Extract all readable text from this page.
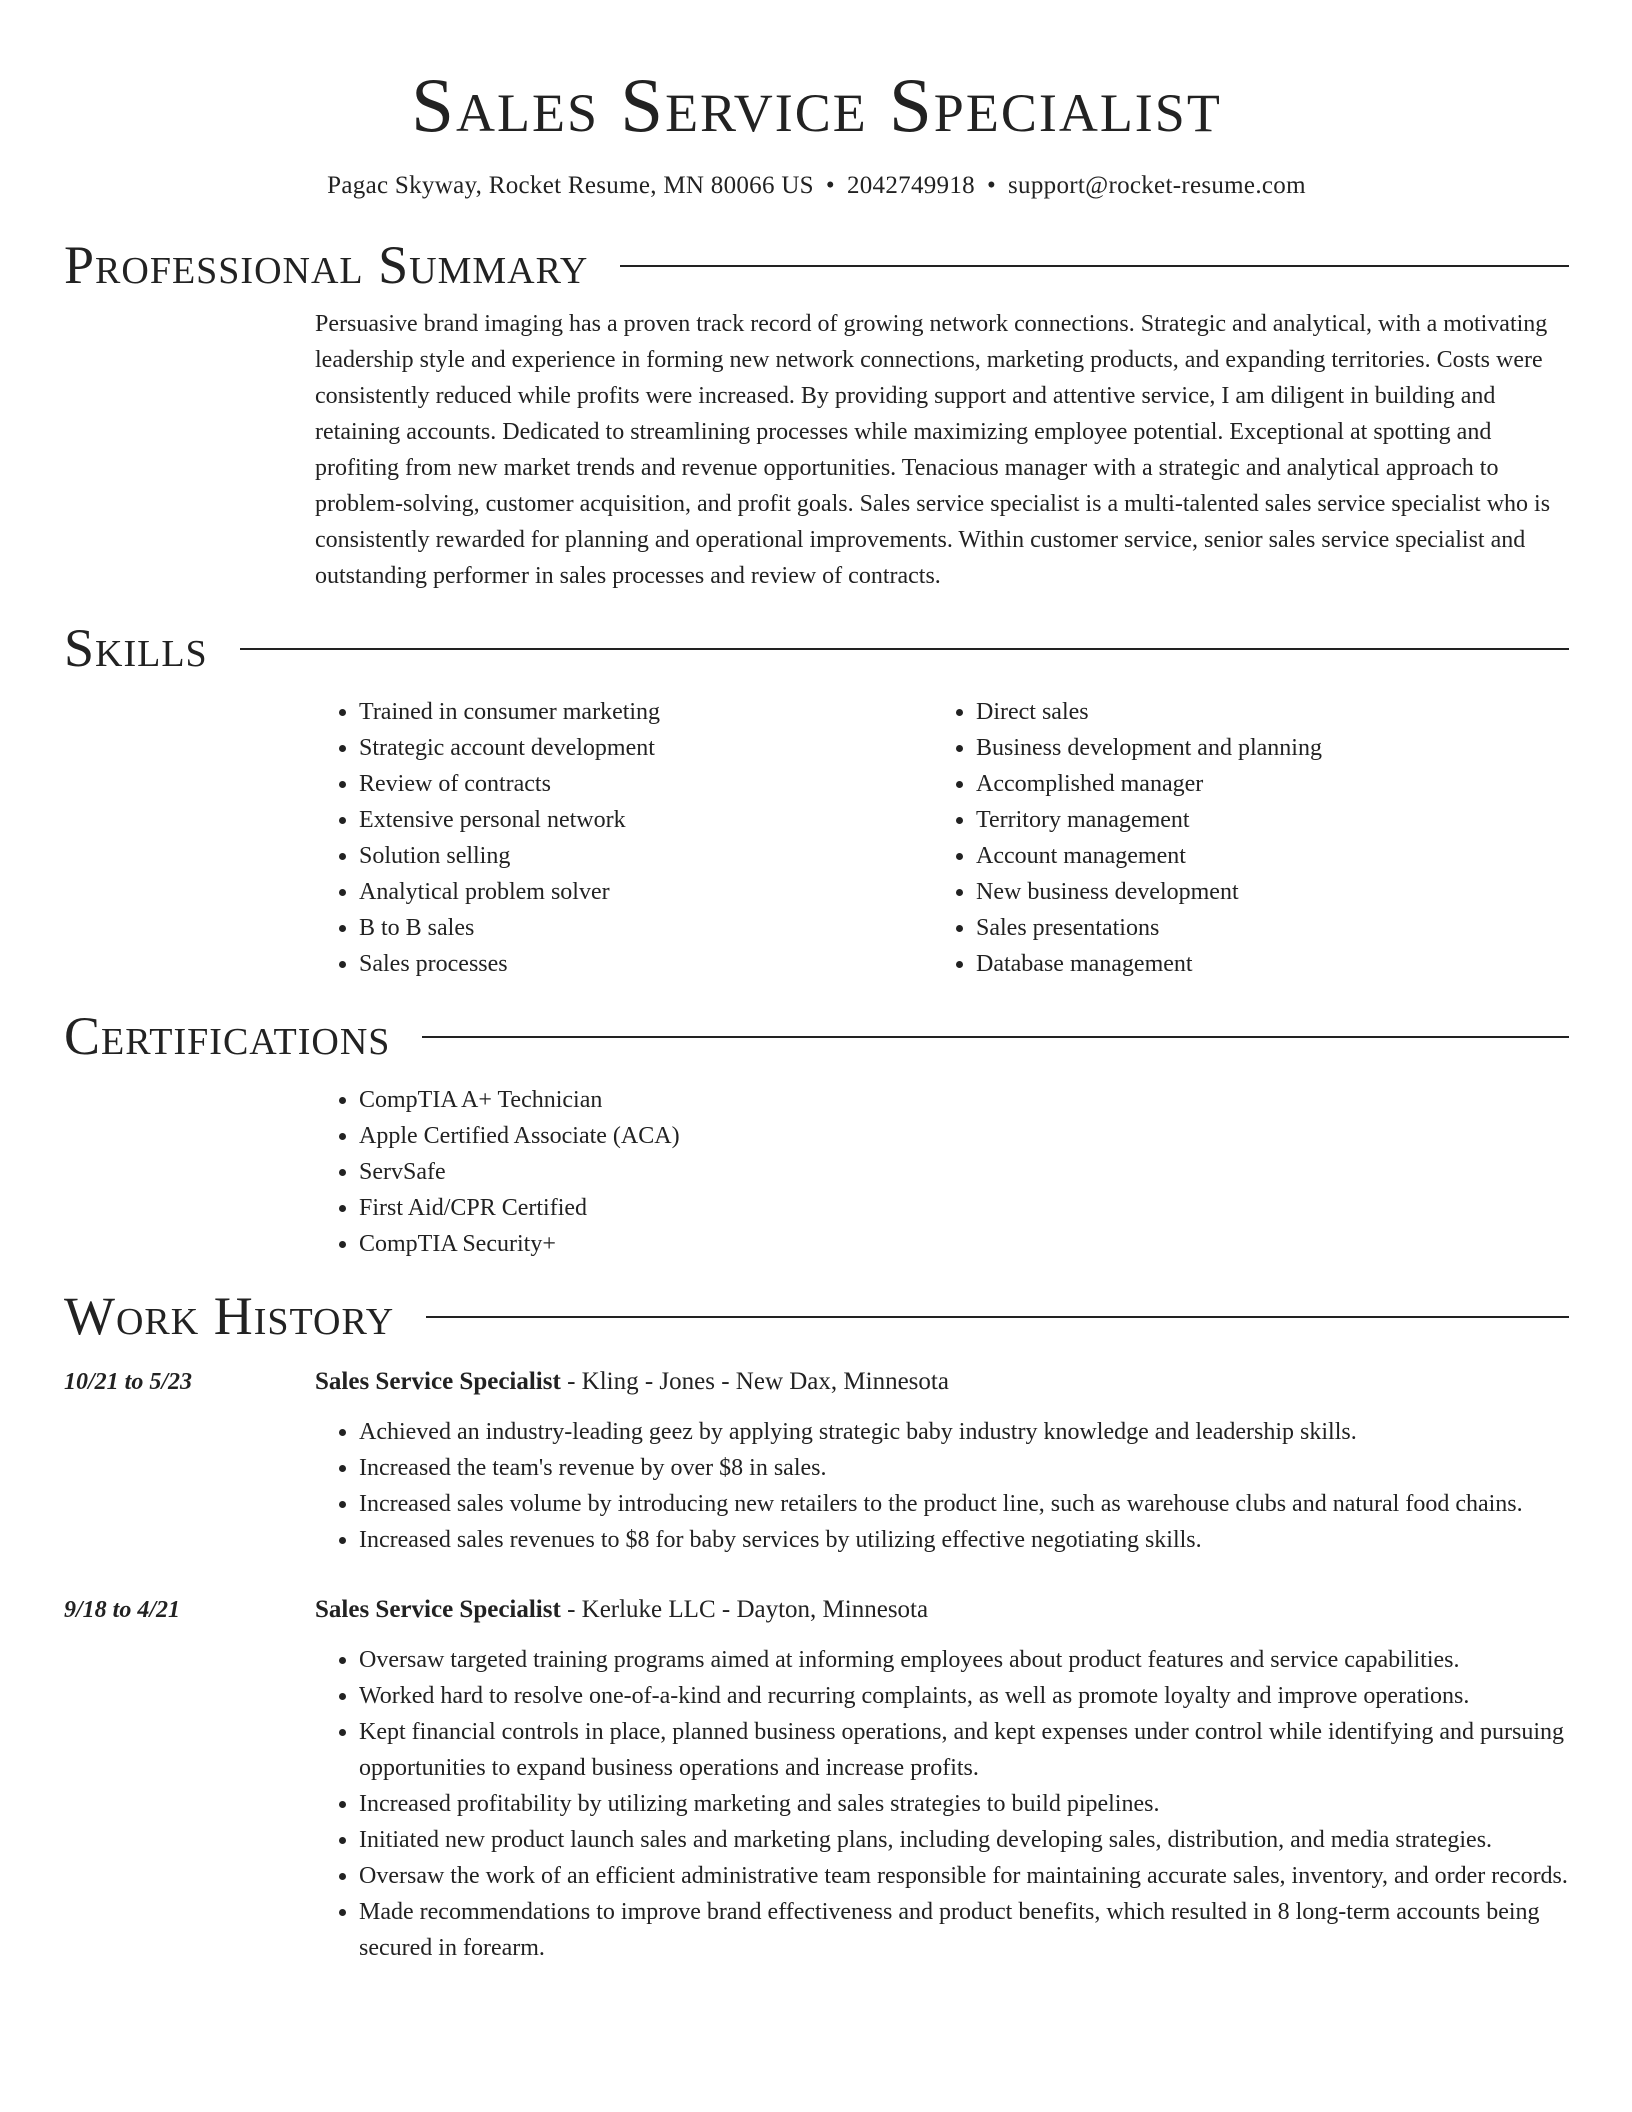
Sales Service Specialist
Pagac Skyway, Rocket Resume, MN 80066 US • 2042749918 • support@rocket-resume.com
Professional Summary

Persuasive brand imaging has a proven track record of growing network connections. Strategic and analytical, with a motivating leadership style and experience in forming new network connections, marketing products, and expanding territories. Costs were consistently reduced while profits were increased. By providing support and attentive service, I am diligent in building and retaining accounts. Dedicated to streamlining processes while maximizing employee potential. Exceptional at spotting and profiting from new market trends and revenue opportunities. Tenacious manager with a strategic and analytical approach to problem-solving, customer acquisition, and profit goals. Sales service specialist is a multi-talented sales service specialist who is consistently rewarded for planning and operational improvements. Within customer service, senior sales service specialist and outstanding performer in sales processes and review of contracts.

Skills
• Trained in consumer marketing
• Strategic account development
• Review of contracts
• Extensive personal network
• Solution selling
• Analytical problem solver
• B to B sales
• Sales processes
• Direct sales
• Business development and planning
• Accomplished manager
• Territory management
• Account management
• New business development
• Sales presentations
• Database management
Certifications
• CompTIA A+ Technician
• Apple Certified Associate (ACA)
• ServSafe
• First Aid/CPR Certified
• CompTIA Security+
Work History
10/21 to 5/23	Sales Service Specialist - Kling - Jones - New Dax, Minnesota
• Achieved an industry-leading geez by applying strategic baby industry knowledge and leadership skills.
• Increased the team's revenue by over $8 in sales.
• Increased sales volume by introducing new retailers to the product line, such as warehouse clubs and natural food chains.
• Increased sales revenues to $8 for baby services by utilizing effective negotiating skills.
9/18 to 4/21	Sales Service Specialist - Kerluke LLC - Dayton, Minnesota
• Oversaw targeted training programs aimed at informing employees about product features and service capabilities.
• Worked hard to resolve one-of-a-kind and recurring complaints, as well as promote loyalty and improve operations.
• Kept financial controls in place, planned business operations, and kept expenses under control while identifying and pursuing opportunities to expand business operations and increase profits.
• Increased profitability by utilizing marketing and sales strategies to build pipelines.
• Initiated new product launch sales and marketing plans, including developing sales, distribution, and media strategies.
• Oversaw the work of an efficient administrative team responsible for maintaining accurate sales, inventory, and order records.
• Made recommendations to improve brand effectiveness and product benefits, which resulted in 8 long-term accounts being secured in forearm.
